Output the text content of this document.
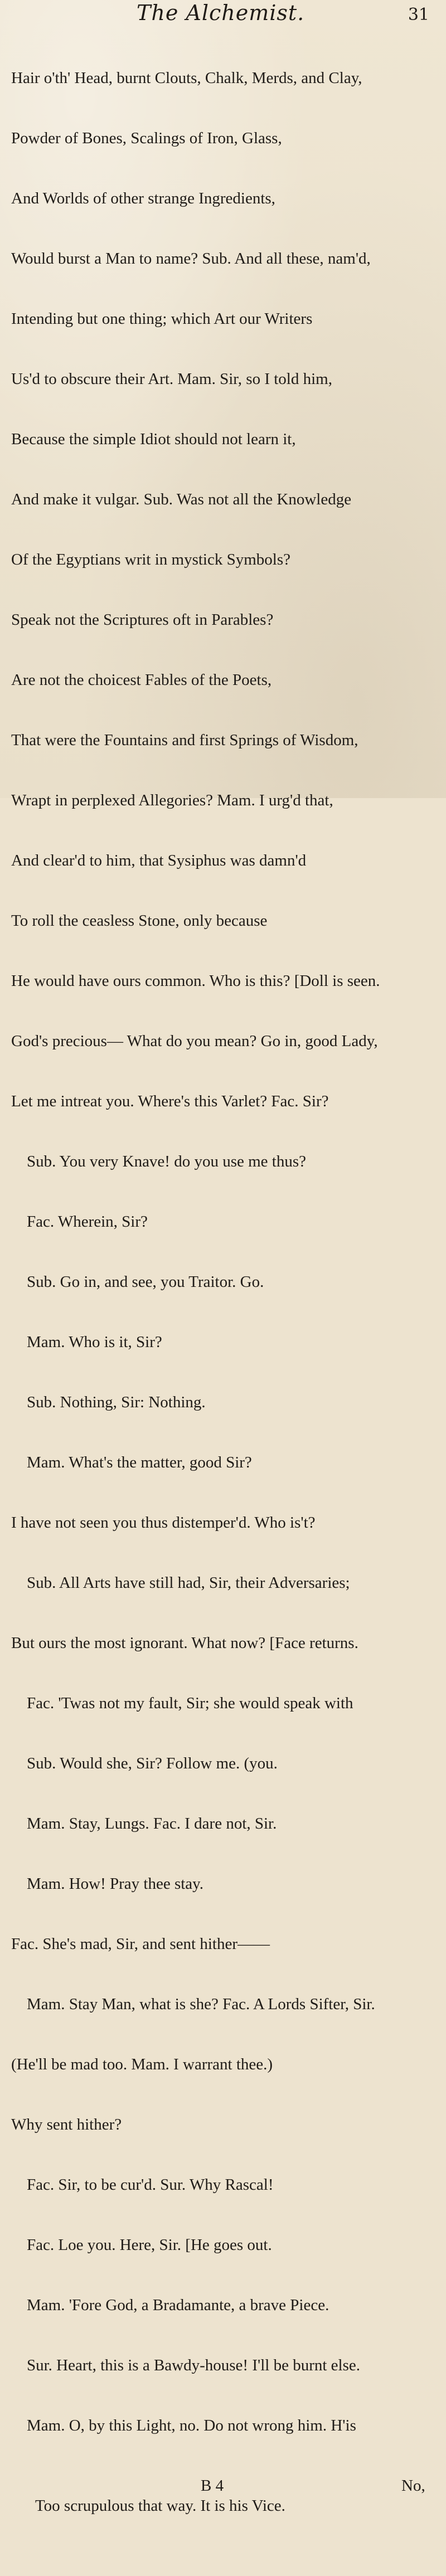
The Alchemist.	31

Hair o'th' Head, burnt Clouts, Chalk, Merds, and Clay,

Powder of Bones, Scalings of Iron, Glass,

And Worlds of other strange Ingredients,

Would burst a Man to name? Sub. And all these, nam'd,

Intending but one thing; which Art our Writers

Us'd to obscure their Art. Mam. Sir, so I told him,

Because the simple Idiot should not learn it,

And make it vulgar. Sub. Was not all the Knowledge

Of the Egyptians writ in mystick Symbols?

Speak not the Scriptures oft in Parables?

Are not the choicest Fables of the Poets,

That were the Fountains and first Springs of Wisdom,

Wrapt in perplexed Allegories? Mam. I urg'd that,

And clear'd to him, that Sysiphus was damn'd

To roll the ceasless Stone, only because

He would have ours common. Who is this? [Doll is seen.

God's precious— What do you mean? Go in, good Lady,

Let me intreat you. Where's this Varlet? Fac. Sir?

Sub. You very Knave! do you use me thus?

Fac. Wherein, Sir?

Sub. Go in, and see, you Traitor. Go.

Mam. Who is it, Sir?

Sub. Nothing, Sir: Nothing.

Mam. What's the matter, good Sir?

I have not seen you thus distemper'd. Who is't?

Sub. All Arts have still had, Sir, their Adversaries;

But ours the most ignorant. What now? [Face returns.

Fac. 'Twas not my fault, Sir; she would speak with

Sub. Would she, Sir? Follow me. (you.

Mam. Stay, Lungs. Fac. I dare not, Sir.

Mam. How! Pray thee stay.

Fac. She's mad, Sir, and sent hither——

Mam. Stay Man, what is she? Fac. A Lords Sifter, Sir.

(He'll be mad too. Mam. I warrant thee.)

Why sent hither?

Fac. Sir, to be cur'd. Sur. Why Rascal!

Fac. Loe you. Here, Sir. [He goes out.

Mam. 'Fore God, a Bradamante, a brave Piece.

Sur. Heart, this is a Bawdy-house! I'll be burnt else.

Mam. O, by this Light, no. Do not wrong him. H'is

Too scrupulous that way. It is his Vice.

B 4

	No,
